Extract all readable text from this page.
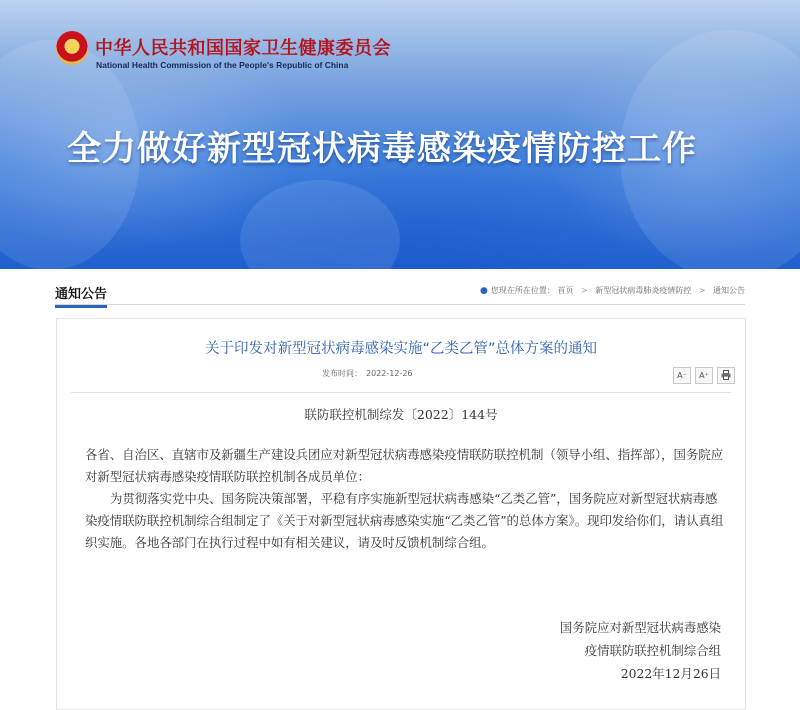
中华人民共和国国家卫生健康委员会
National Health Commission of the People's Republic of China
全力做好新型冠状病毒感染疫情防控工作
通知公告	● 您现在所在位置： 首页 > 新型冠状病毒肺炎疫情防控 > 通知公告
关于印发对新型冠状病毒感染实施“乙类乙管”总体方案的通知
发布时间： 2022-12-26	A⁻	A⁺
联防联控机制综发〔2022〕144号
各省、自治区、直辖市及新疆生产建设兵团应对新型冠状病毒感染疫情联防联控机制（领导小组、指挥部），国务院应对新型冠状病毒感染疫情联防联控机制各成员单位：
为贯彻落实党中央、国务院决策部署，平稳有序实施新型冠状病毒感染“乙类乙管”，国务院应对新型冠状病毒感染疫情联防联控机制综合组制定了《关于对新型冠状病毒感染实施“乙类乙管”的总体方案》。现印发给你们，请认真组织实施。各地各部门在执行过程中如有相关建议，请及时反馈机制综合组。
国务院应对新型冠状病毒感染
疫情联防联控机制综合组
2022年12月26日
